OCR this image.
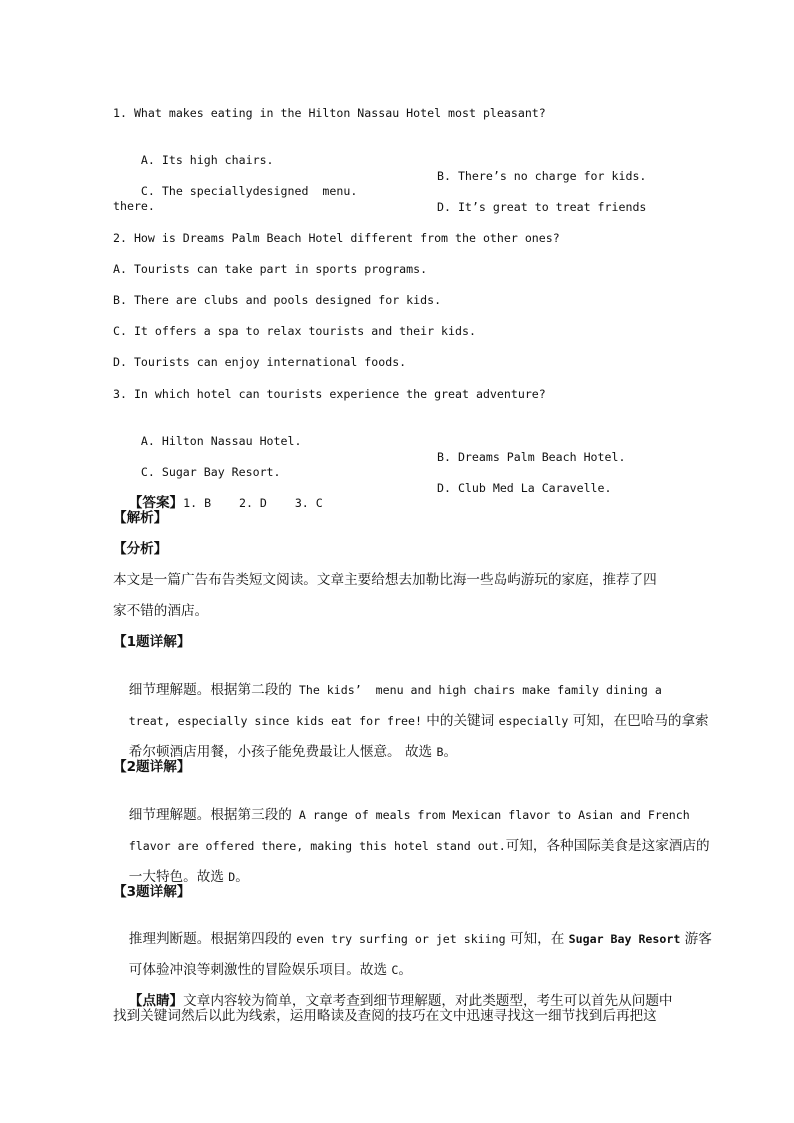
1. What makes eating in the Hilton Nassau Hotel most pleasant?

A. Its high chairs.

B. There’s no charge for kids.

C. The speciallydesigned  menu.

D. It’s great to treat friends

there.
2. How is Dreams Palm Beach Hotel different from the other ones?
A. Tourists can take part in sports programs.
B. There are clubs and pools designed for kids.
C. It offers a spa to relax tourists and their kids.
D. Tourists can enjoy international foods.
3. In which hotel can tourists experience the great adventure?

A. Hilton Nassau Hotel.

B. Dreams Palm Beach Hotel.

C. Sugar Bay Resort.

D. Club Med La Caravelle.

【答案】1. B    2. D    3. C

【解析】
【分析】
本文是一篇广告布告类短文阅读。文章主要给想去加勒比海一些岛屿游玩的家庭，推荐了四
家不错的酒店。
【1题详解】

细节理解题。根据第二段的 The kids’  menu and high chairs make family dining a

treat, especially since kids eat for free! 中的关键词 especially 可知，在巴哈马的拿索

希尔顿酒店用餐，小孩子能免费最让人惬意。 故选 B。

【2题详解】

细节理解题。根据第三段的 A range of meals from Mexican flavor to Asian and French

flavor are offered there, making this hotel stand out.可知，各种国际美食是这家酒店的

一大特色。故选 D。

【3题详解】

推理判断题。根据第四段的 even try surfing or jet skiing 可知，在 Sugar Bay Resort 游客

可体验冲浪等刺激性的冒险娱乐项目。故选 C。

【点睛】文章内容较为简单，文章考查到细节理解题，对此类题型，考生可以首先从问题中

找到关键词然后以此为线索，运用略读及查阅的技巧在文中迅速寻找这一细节找到后再把这
